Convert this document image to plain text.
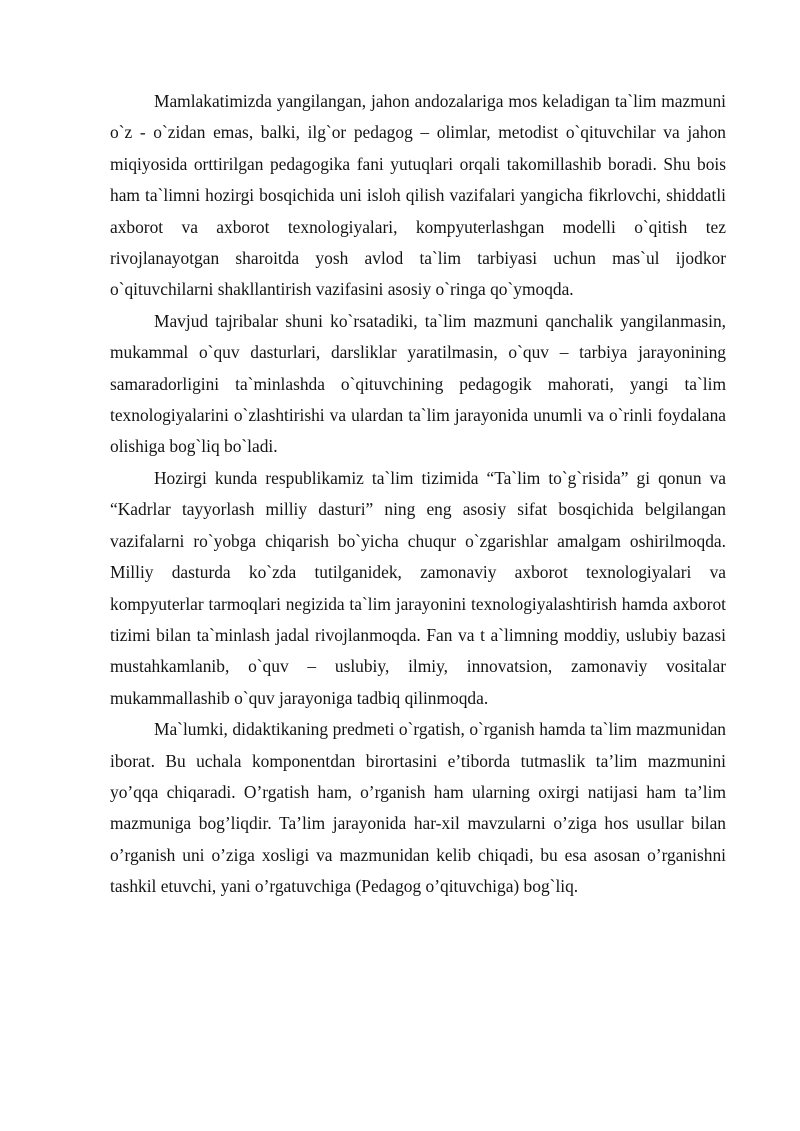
Mamlakatimizda yangilangan, jahon andozalariga mos keladigan ta`lim mazmuni o`z - o`zidan emas, balki, ilg`or pedagog – olimlar, metodist o`qituvchilar va jahon miqiyosida orttirilgan pedagogika fani yutuqlari orqali takomillashib boradi. Shu bois ham ta`limni hozirgi bosqichida uni isloh qilish vazifalari yangicha fikrlovchi, shiddatli axborot va axborot texnologiyalari, kompyuterlashgan modelli o`qitish tez rivojlanayotgan sharoitda yosh avlod ta`lim tarbiyasi uchun mas`ul ijodkor o`qituvchilarni shakllantirish vazifasini asosiy o`ringa qo`ymoqda.

Mavjud tajribalar shuni ko`rsatadiki, ta`lim mazmuni qanchalik yangilanmasin, mukammal o`quv dasturlari, darsliklar yaratilmasin, o`quv – tarbiya jarayonining samaradorligini ta`minlashda o`qituvchining pedagogik mahorati, yangi ta`lim texnologiyalarini o`zlashtirishi va ulardan ta`lim jarayonida unumli va o`rinli foydalana olishiga bog`liq bo`ladi.

Hozirgi kunda respublikamiz ta`lim tizimida “Ta`lim to`g`risida” gi qonun va “Kadrlar tayyorlash milliy dasturi” ning eng asosiy sifat bosqichida belgilangan vazifalarni ro`yobga chiqarish bo`yicha chuqur o`zgarishlar amalgam oshirilmoqda. Milliy dasturda ko`zda tutilganidek, zamonaviy axborot texnologiyalari va kompyuterlar tarmoqlari negizida ta`lim jarayonini texnologiyalashtirish hamda axborot tizimi bilan ta`minlash jadal rivojlanmoqda. Fan va t a`limning moddiy, uslubiy bazasi mustahkamlanib, o`quv – uslubiy, ilmiy, innovatsion, zamonaviy vositalar mukammallashib o`quv jarayoniga tadbiq qilinmoqda.

Ma`lumki, didaktikaning predmeti o`rgatish, o`rganish hamda ta`lim mazmunidan iborat. Bu uchala komponentdan birortasini e’tiborda tutmaslik ta’lim mazmunini yo’qqa chiqaradi. O’rgatish ham, o’rganish ham ularning oxirgi natijasi ham ta’lim mazmuniga bog’liqdir. Ta’lim jarayonida har-xil mavzularni o’ziga hos usullar bilan o’rganish uni o’ziga xosligi va mazmunidan kelib chiqadi, bu esa asosan o’rganishni tashkil etuvchi, yani o’rgatuvchiga (Pedagog o’qituvchiga) bog`liq.
